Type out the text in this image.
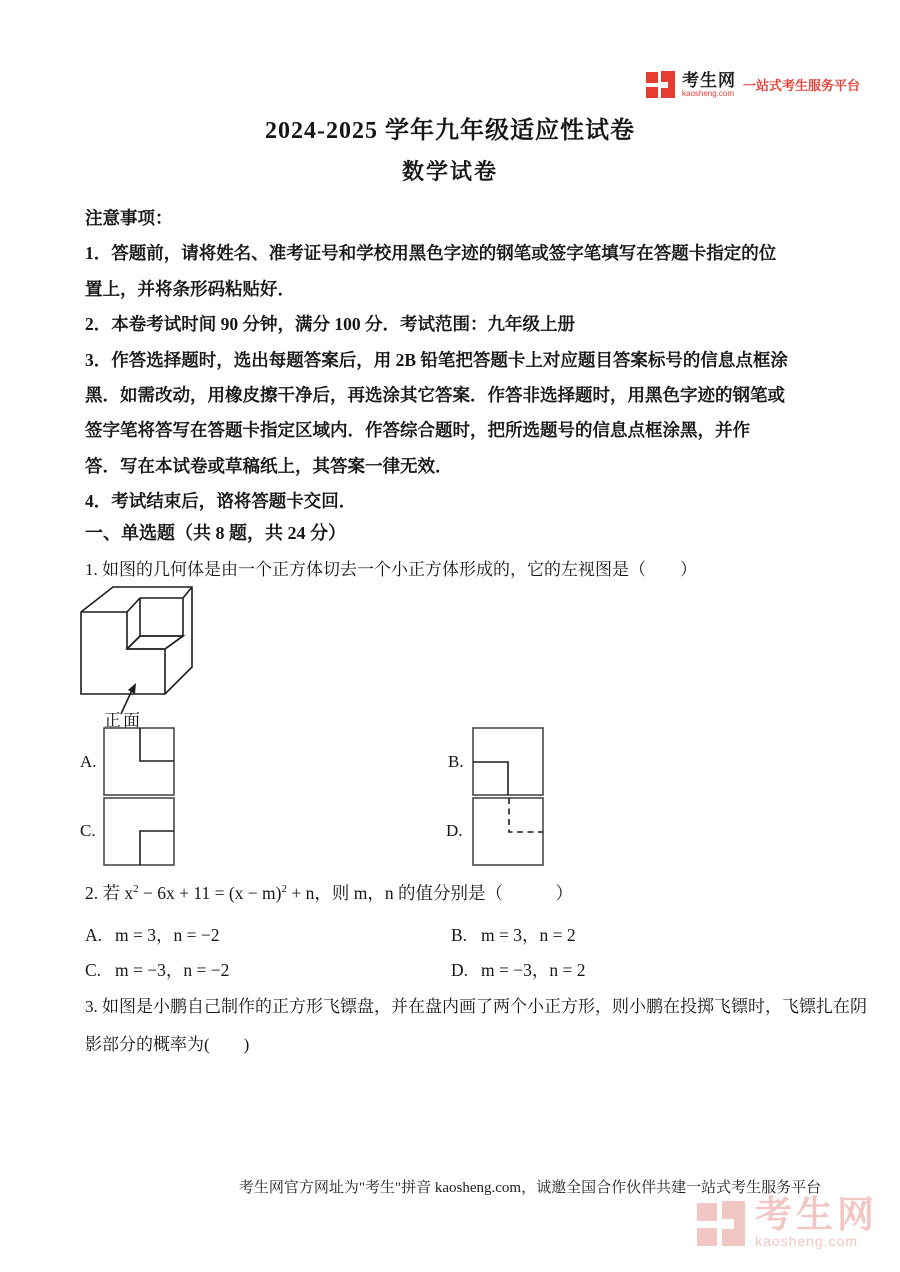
考生网
kaosheng.com 一站式考生服务平台
2024-2025 学年九年级适应性试卷
数学试卷
注意事项：
1．答题前，请将姓名、准考证号和学校用黑色字迹的钢笔或签字笔填写在答题卡指定的位
置上，并将条形码粘贴好．
2．本卷考试时间 90 分钟，满分 100 分．考试范围：九年级上册
3．作答选择题时，选出每题答案后，用 2B 铅笔把答题卡上对应题目答案标号的信息点框涂
黑．如需改动，用橡皮擦干净后，再选涂其它答案．作答非选择题时，用黑色字迹的钢笔或
签字笔将答写在答题卡指定区域内．作答综合题时，把所选题号的信息点框涂黑，并作
答．写在本试卷或草稿纸上，其答案一律无效．
4．考试结束后，谘将答题卡交回．
一、单选题（共 8 题，共 24 分）
1. 如图的几何体是由一个正方体切去一个小正方体形成的，它的左视图是（　　）
正面
A.	B.
C.	D.
2. 若 $x^2 - 6x + 11 = (x - m)^2 + n$，则 m，n 的值分别是（　　　）
A. m = 3，n = −2	B. m = 3，n = 2
C. m = −3，n = −2	D. m = −3，n = 2
3. 如图是小鹏自己制作的正方形飞镖盘，并在盘内画了两个小正方形，则小鹏在投掷飞镖时，飞镖扎在阴
影部分的概率为(　　)
考生网官方网址为"考生"拼音 kaosheng.com，诚邀全国合作伙伴共建一站式考生服务平台
考生网
kaosheng.com
